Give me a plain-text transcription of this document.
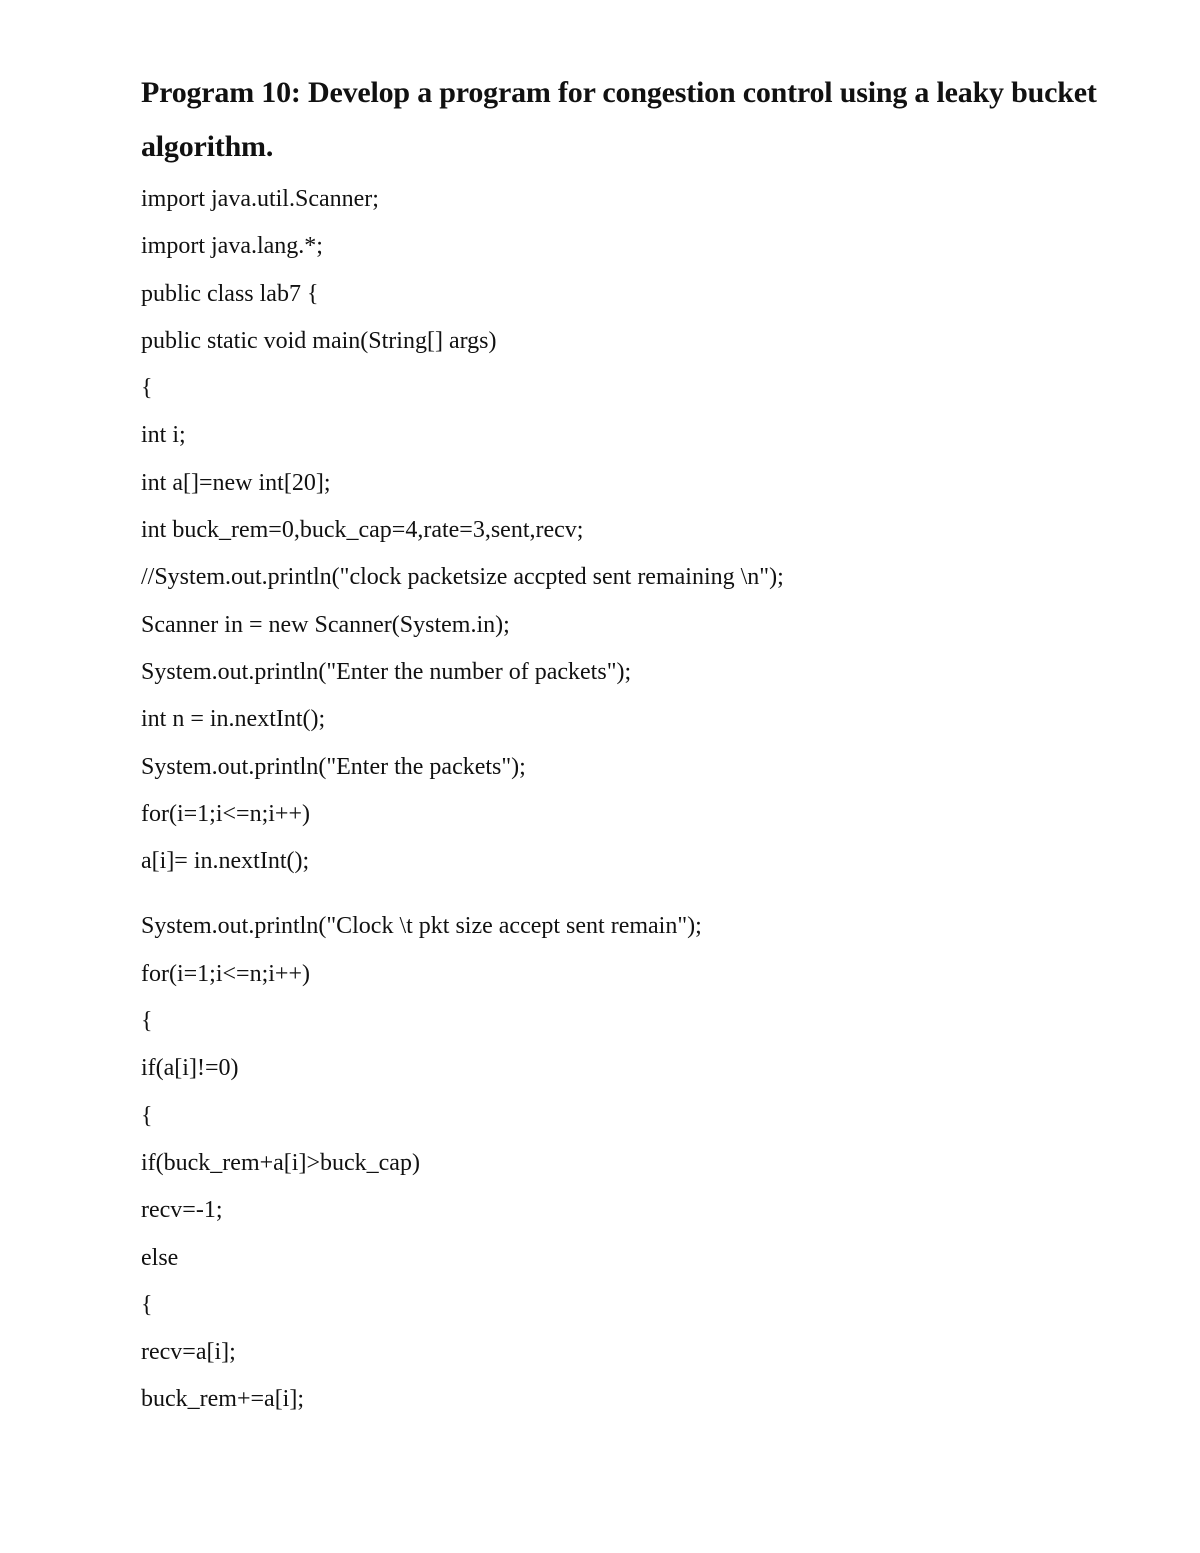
Program 10: Develop a program for congestion control using a leaky bucket algorithm.
import java.util.Scanner;
import java.lang.*;
public class lab7 {
public static void main(String[] args)
{
int i;
int a[]=new int[20];
int buck_rem=0,buck_cap=4,rate=3,sent,recv;
//System.out.println("clock packetsize accpted sent remaining \n");
Scanner in = new Scanner(System.in);
System.out.println("Enter the number of packets");
int n = in.nextInt();
System.out.println("Enter the packets");
for(i=1;i<=n;i++)
a[i]= in.nextInt();
System.out.println("Clock \t pkt size accept sent remain");
for(i=1;i<=n;i++)
{
if(a[i]!=0)
{
if(buck_rem+a[i]>buck_cap)
recv=-1;
else
{
recv=a[i];
buck_rem+=a[i];
